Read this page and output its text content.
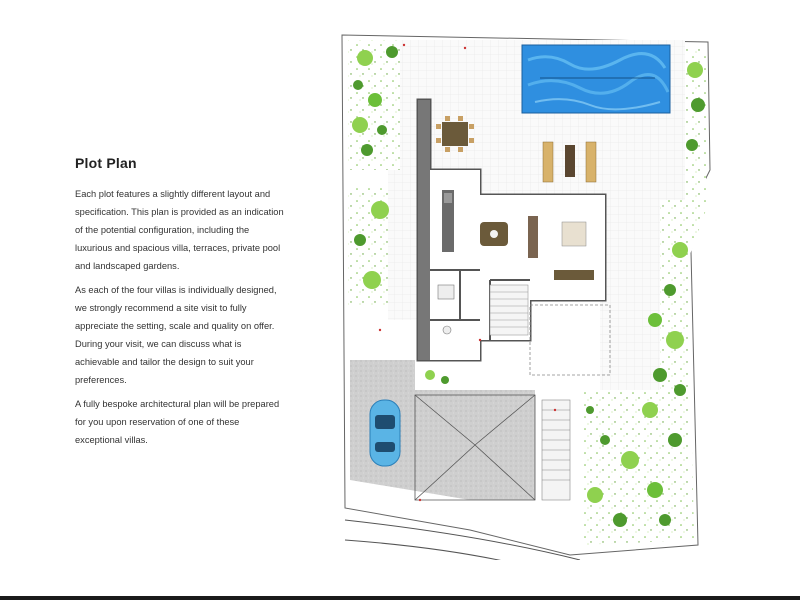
Plot Plan

Each plot features a slightly different layout and specification. This plan is provided as an indication of the potential configuration, including the luxurious and spacious villa, terraces, private pool and landscaped gardens.

As each of the four villas is individually designed, we strongly recommend a site visit to fully appreciate the setting, scale and quality on offer. During your visit, we can discuss what is achievable and tailor the design to suit your preferences.

A fully bespoke architectural plan will be prepared for you upon reservation of one of these exceptional villas.
